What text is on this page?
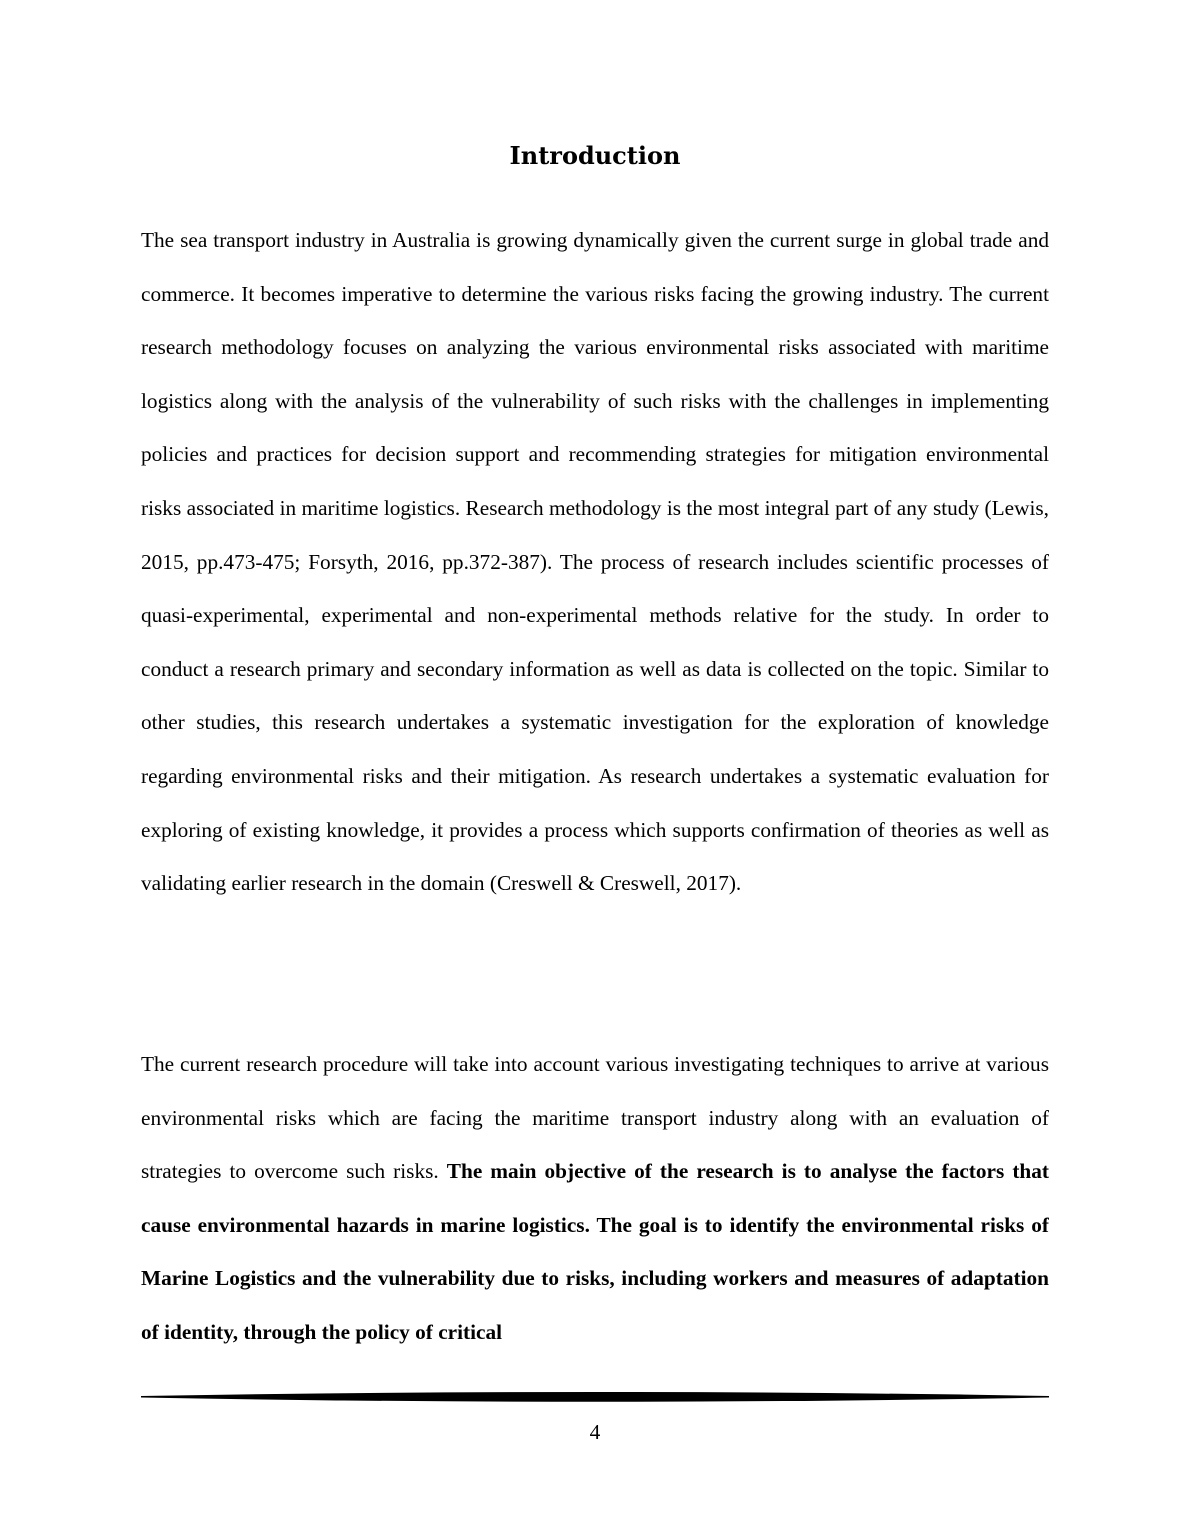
Introduction

The sea transport industry in Australia is growing dynamically given the current surge in global trade and commerce. It becomes imperative to determine the various risks facing the growing industry. The current research methodology focuses on analyzing the various environmental risks associated with maritime logistics along with the analysis of the vulnerability of such risks with the challenges in implementing policies and practices for decision support and recommending strategies for mitigation environmental risks associated in maritime logistics. Research methodology is the most integral part of any study (Lewis, 2015, pp.473-475; Forsyth, 2016, pp.372-387). The process of research includes scientific processes of quasi-experimental, experimental and non-experimental methods relative for the study. In order to conduct a research primary and secondary information as well as data is collected on the topic. Similar to other studies, this research undertakes a systematic investigation for the exploration of knowledge regarding environmental risks and their mitigation. As research undertakes a systematic evaluation for exploring of existing knowledge, it provides a process which supports confirmation of theories as well as validating earlier research in the domain (Creswell & Creswell, 2017).

The current research procedure will take into account various investigating techniques to arrive at various environmental risks which are facing the maritime transport industry along with an evaluation of strategies to overcome such risks. The main objective of the research is to analyse the factors that cause environmental hazards in marine logistics. The goal is to identify the environmental risks of Marine Logistics and the vulnerability due to risks, including workers and measures of adaptation of identity, through the policy of critical

4
